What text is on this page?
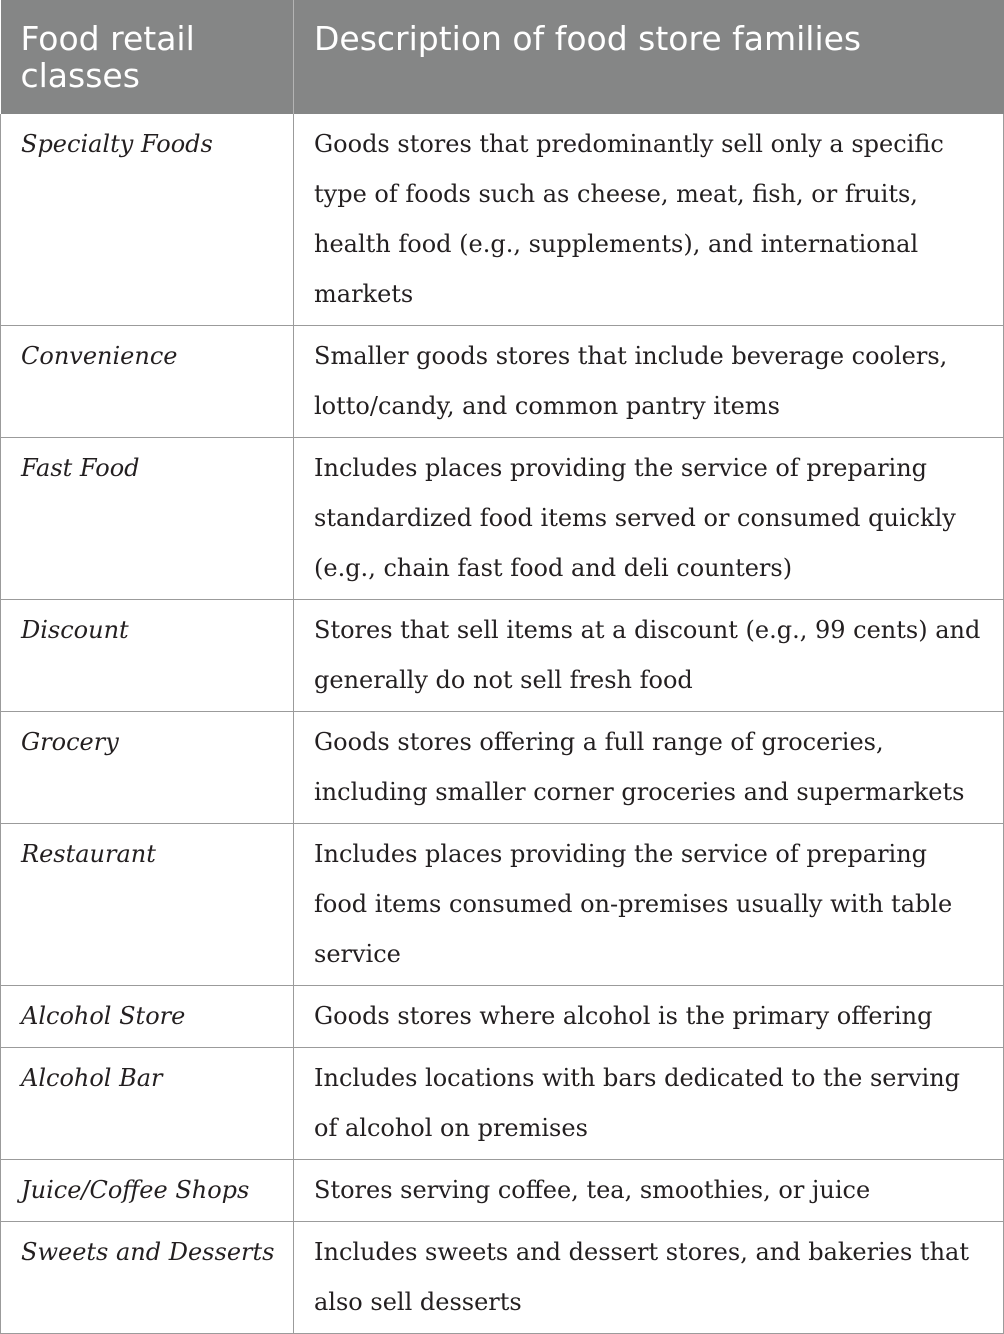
Food retail classes	Description of food store families
Specialty Foods	Goods stores that predominantly sell only a specific type of foods such as cheese, meat, fish, or fruits, health food (e.g., supplements), and international markets
Convenience	Smaller goods stores that include beverage coolers, lotto/candy, and common pantry items
Fast Food	Includes places providing the service of preparing standardized food items served or consumed quickly (e.g., chain fast food and deli counters)
Discount	Stores that sell items at a discount (e.g., 99 cents) and generally do not sell fresh food
Grocery	Goods stores offering a full range of groceries, including smaller corner groceries and supermarkets
Restaurant	Includes places providing the service of preparing food items consumed on-premises usually with table service
Alcohol Store	Goods stores where alcohol is the primary offering
Alcohol Bar	Includes locations with bars dedicated to the serving of alcohol on premises
Juice/Coffee Shops	Stores serving coffee, tea, smoothies, or juice
Sweets and Desserts	Includes sweets and dessert stores, and bakeries that also sell desserts
